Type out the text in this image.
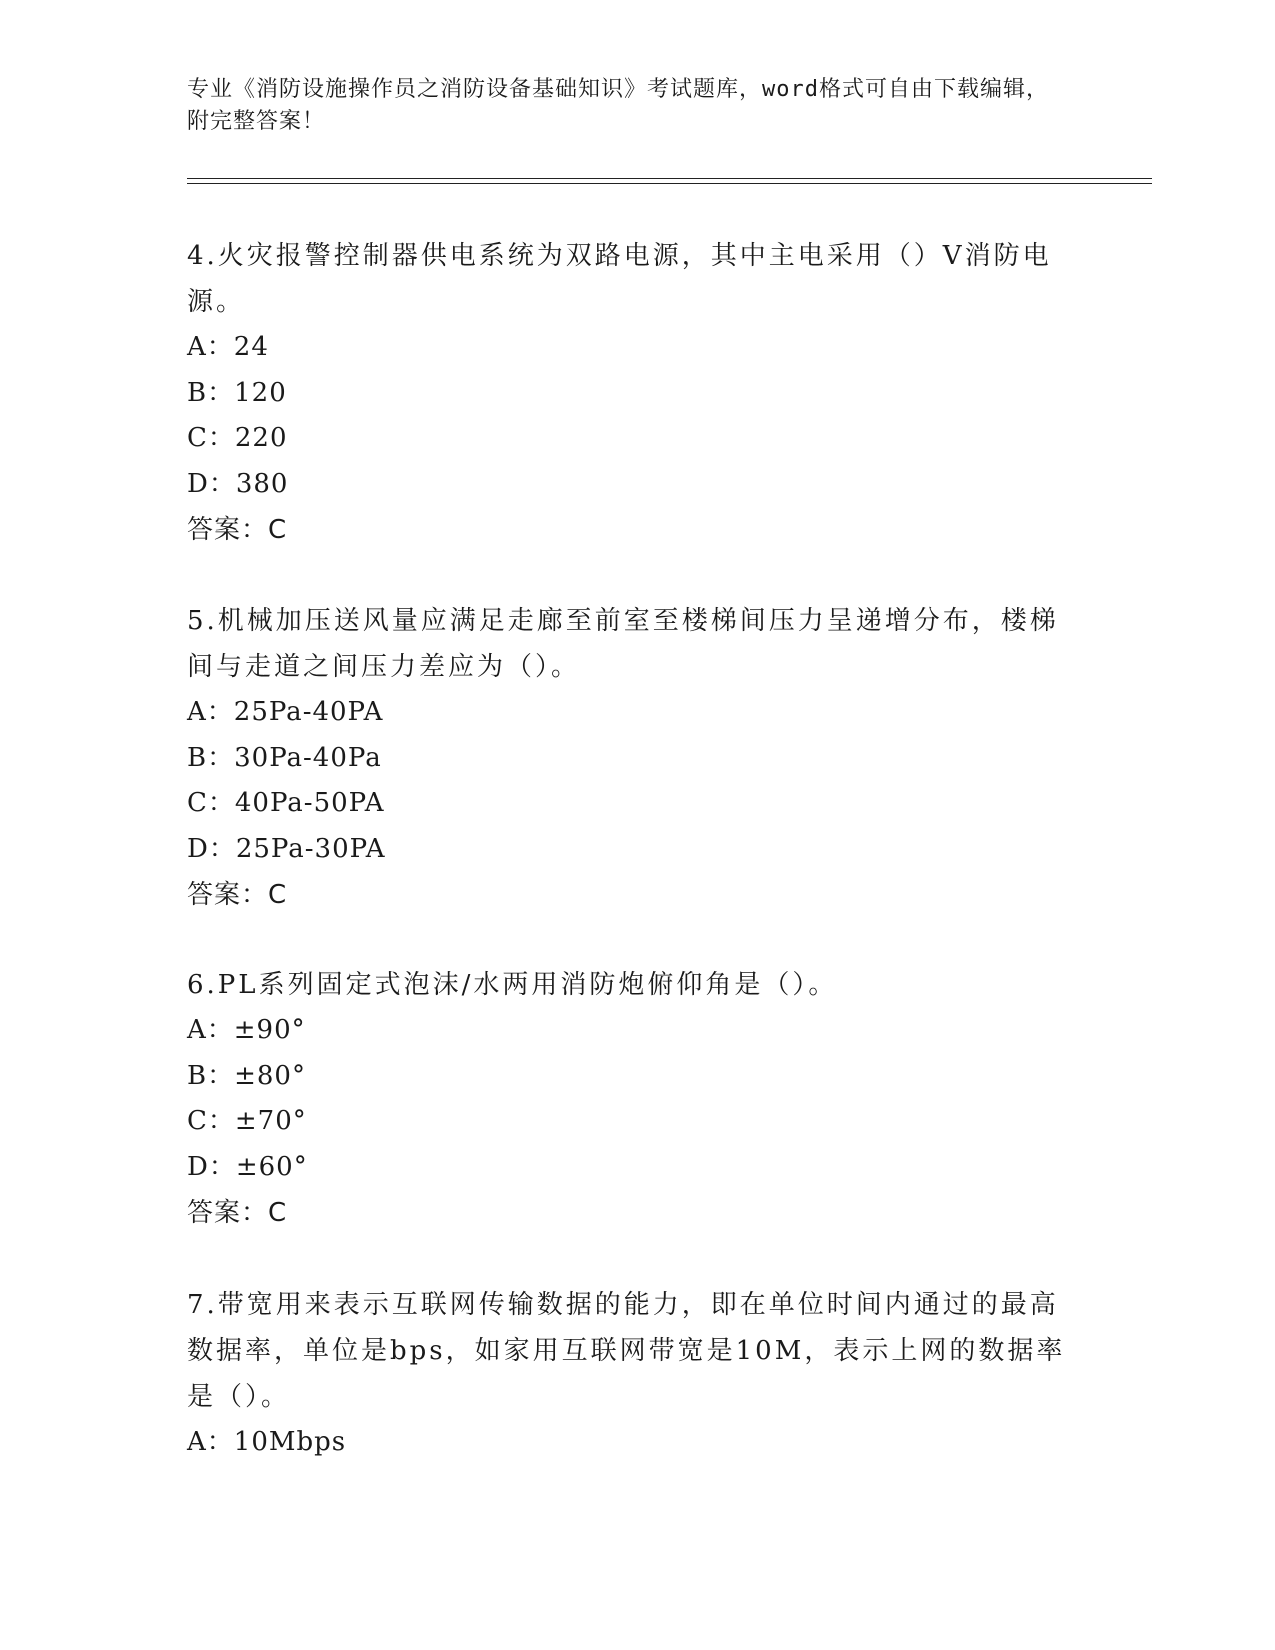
专业《消防设施操作员之消防设备基础知识》考试题库，word格式可自由下载编辑，附完整答案！

4.火灾报警控制器供电系统为双路电源，其中主电采用（）V消防电源。

A：24

B：120

C：220

D：380

答案：C

5.机械加压送风量应满足走廊至前室至楼梯间压力呈递增分布，楼梯间与走道之间压力差应为（）。

A：25Pa-40PA

B：30Pa-40Pa

C：40Pa-50PA

D：25Pa-30PA

答案：C

6.PL系列固定式泡沫/水两用消防炮俯仰角是（）。

A：±90°

B：±80°

C：±70°

D：±60°

答案：C

7.带宽用来表示互联网传输数据的能力，即在单位时间内通过的最高数据率，单位是bps，如家用互联网带宽是10M，表示上网的数据率是（）。

A：10Mbps
